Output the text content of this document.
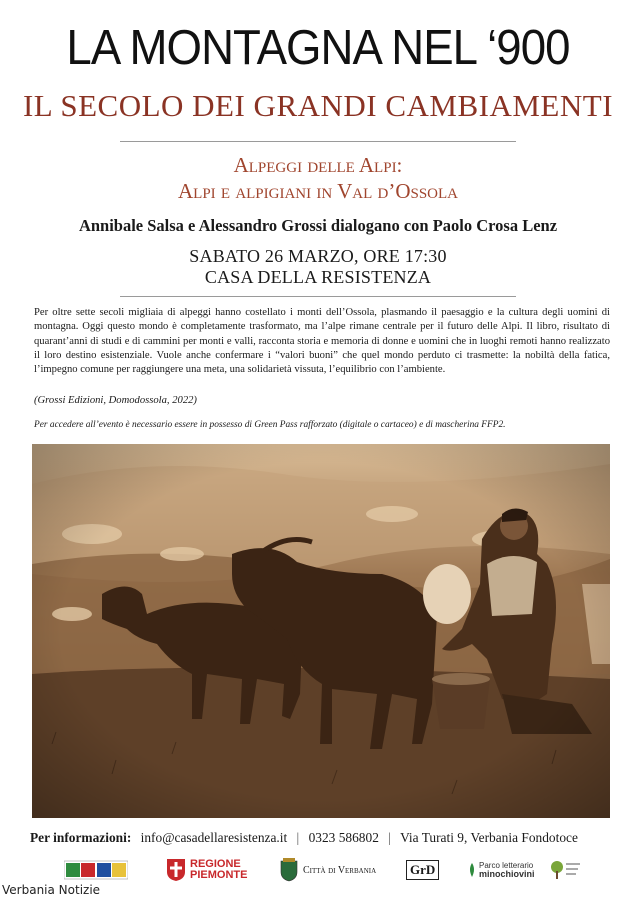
LA MONTAGNA NEL ‘900
IL SECOLO DEI GRANDI CAMBIAMENTI
Alpeggi delle Alpi:
Alpi e alpigiani in Val d’Ossola
Annibale Salsa e Alessandro Grossi dialogano con Paolo Crosa Lenz
SABATO 26 MARZO, ORE 17:30
CASA DELLA RESISTENZA

Per oltre sette secoli migliaia di alpeggi hanno costellato i monti dell’Ossola, plasmando il paesaggio e la cultura degli uomini di montagna. Oggi questo mondo è completamente trasformato, ma l’alpe rimane centrale per il futuro delle Alpi. Il libro, risultato di quarant’anni di studi e di cammini per monti e valli, racconta storia e memoria di donne e uomini che in luoghi remoti hanno realizzato il loro destino esistenziale. Vuole anche confermare i “valori buoni” che quel mondo perduto ci trasmette: la nobiltà della fatica, l’impegno comune per raggiungere una meta, una solidarietà vissuta, l’equilibrio con l’ambiente.

(Grossi Edizioni, Domodossola, 2022)
Per accedere all’evento è necessario essere in possesso di Green Pass rafforzato (digitale o cartaceo) e di mascherina FFP2.
Per informazioni: info@casadellaresistenza.it | 0323 586802 | Via Turati 9, Verbania Fondotoce
REGIONE
PIEMONTE	Città di Verbania	GrD	Parco letterario
minochiovini
Verbania Notizie
